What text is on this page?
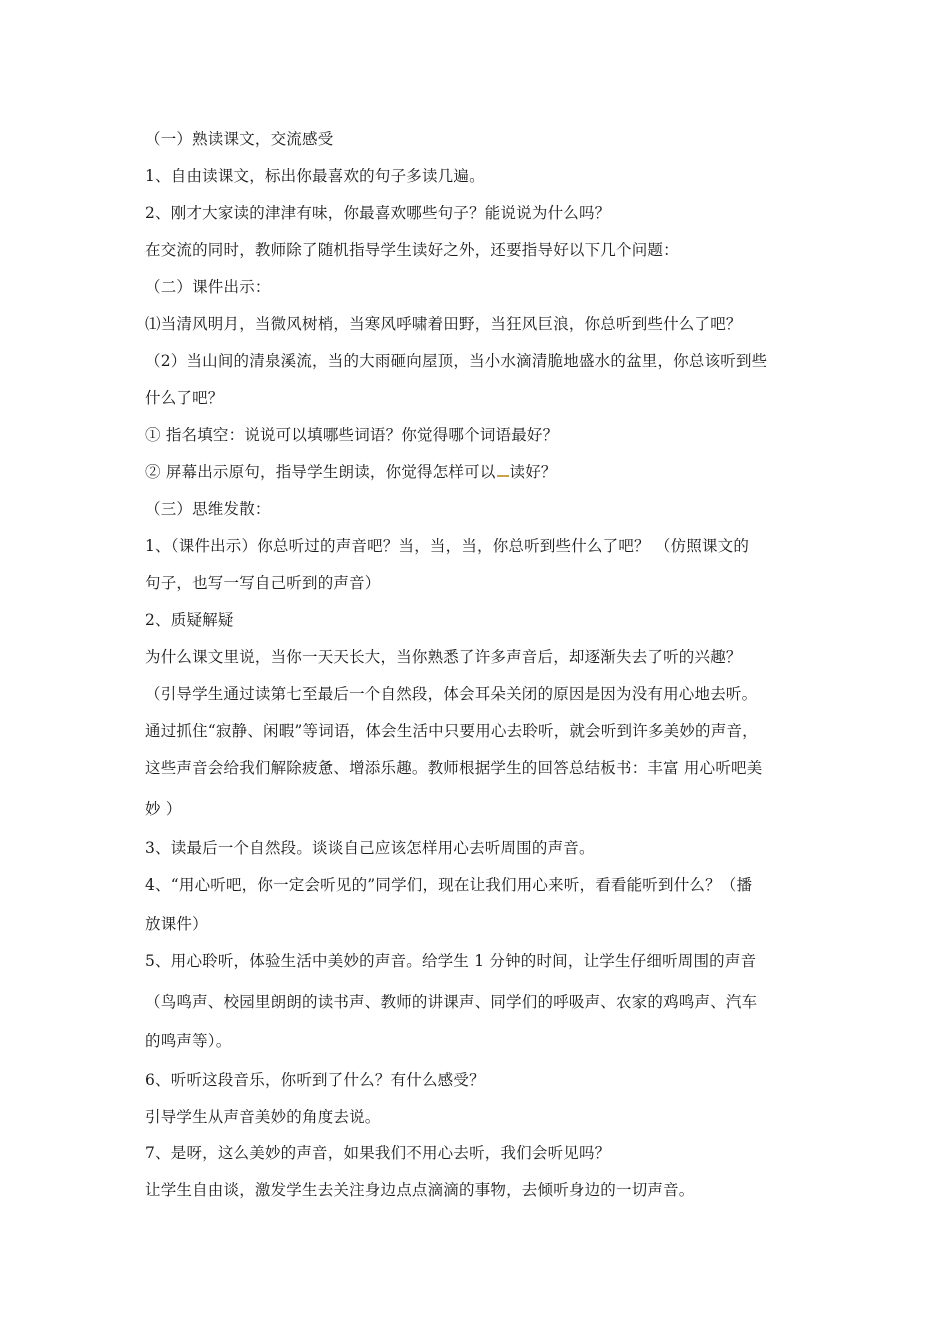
（一）熟读课文，交流感受
1、自由读课文，标出你最喜欢的句子多读几遍。
2、刚才大家读的津津有味，你最喜欢哪些句子？能说说为什么吗？
在交流的同时，教师除了随机指导学生读好之外，还要指导好以下几个问题：
（二）课件出示：
⑴当清风明月，当微风树梢，当寒风呼啸着田野，当狂风巨浪，你总听到些什么了吧？
（2）当山间的清泉溪流，当的大雨砸向屋顶，当小水滴清脆地盛水的盆里，你总该听到些
什么了吧？
① 指名填空：说说可以填哪些词语？你觉得哪个词语最好？
② 屏幕出示原句，指导学生朗读，你觉得怎样可以 读好？
（三）思维发散：
1、（课件出示）你总听过的声音吧？当，当，当，你总听到些什么了吧？ （仿照课文的
句子，也写一写自己听到的声音）
2、质疑解疑
为什么课文里说，当你一天天长大，当你熟悉了许多声音后，却逐渐失去了听的兴趣？
（引导学生通过读第七至最后一个自然段，体会耳朵关闭的原因是因为没有用心地去听。
通过抓住“寂静、闲暇”等词语，体会生活中只要用心去聆听，就会听到许多美妙的声音，
这些声音会给我们解除疲惫、增添乐趣。教师根据学生的回答总结板书：丰富 用心听吧美
妙 ）
3、读最后一个自然段。谈谈自己应该怎样用心去听周围的声音。
4、“用心听吧，你一定会听见的”同学们，现在让我们用心来听，看看能听到什么？（播
放课件）
5、用心聆听，体验生活中美妙的声音。给学生 1 分钟的时间，让学生仔细听周围的声音
（鸟鸣声、校园里朗朗的读书声、教师的讲课声、同学们的呼吸声、农家的鸡鸣声、汽车
的鸣声等）。
6、听听这段音乐，你听到了什么？有什么感受？
引导学生从声音美妙的角度去说。
7、是呀，这么美妙的声音，如果我们不用心去听，我们会听见吗？
让学生自由谈，激发学生去关注身边点点滴滴的事物，去倾听身边的一切声音。
